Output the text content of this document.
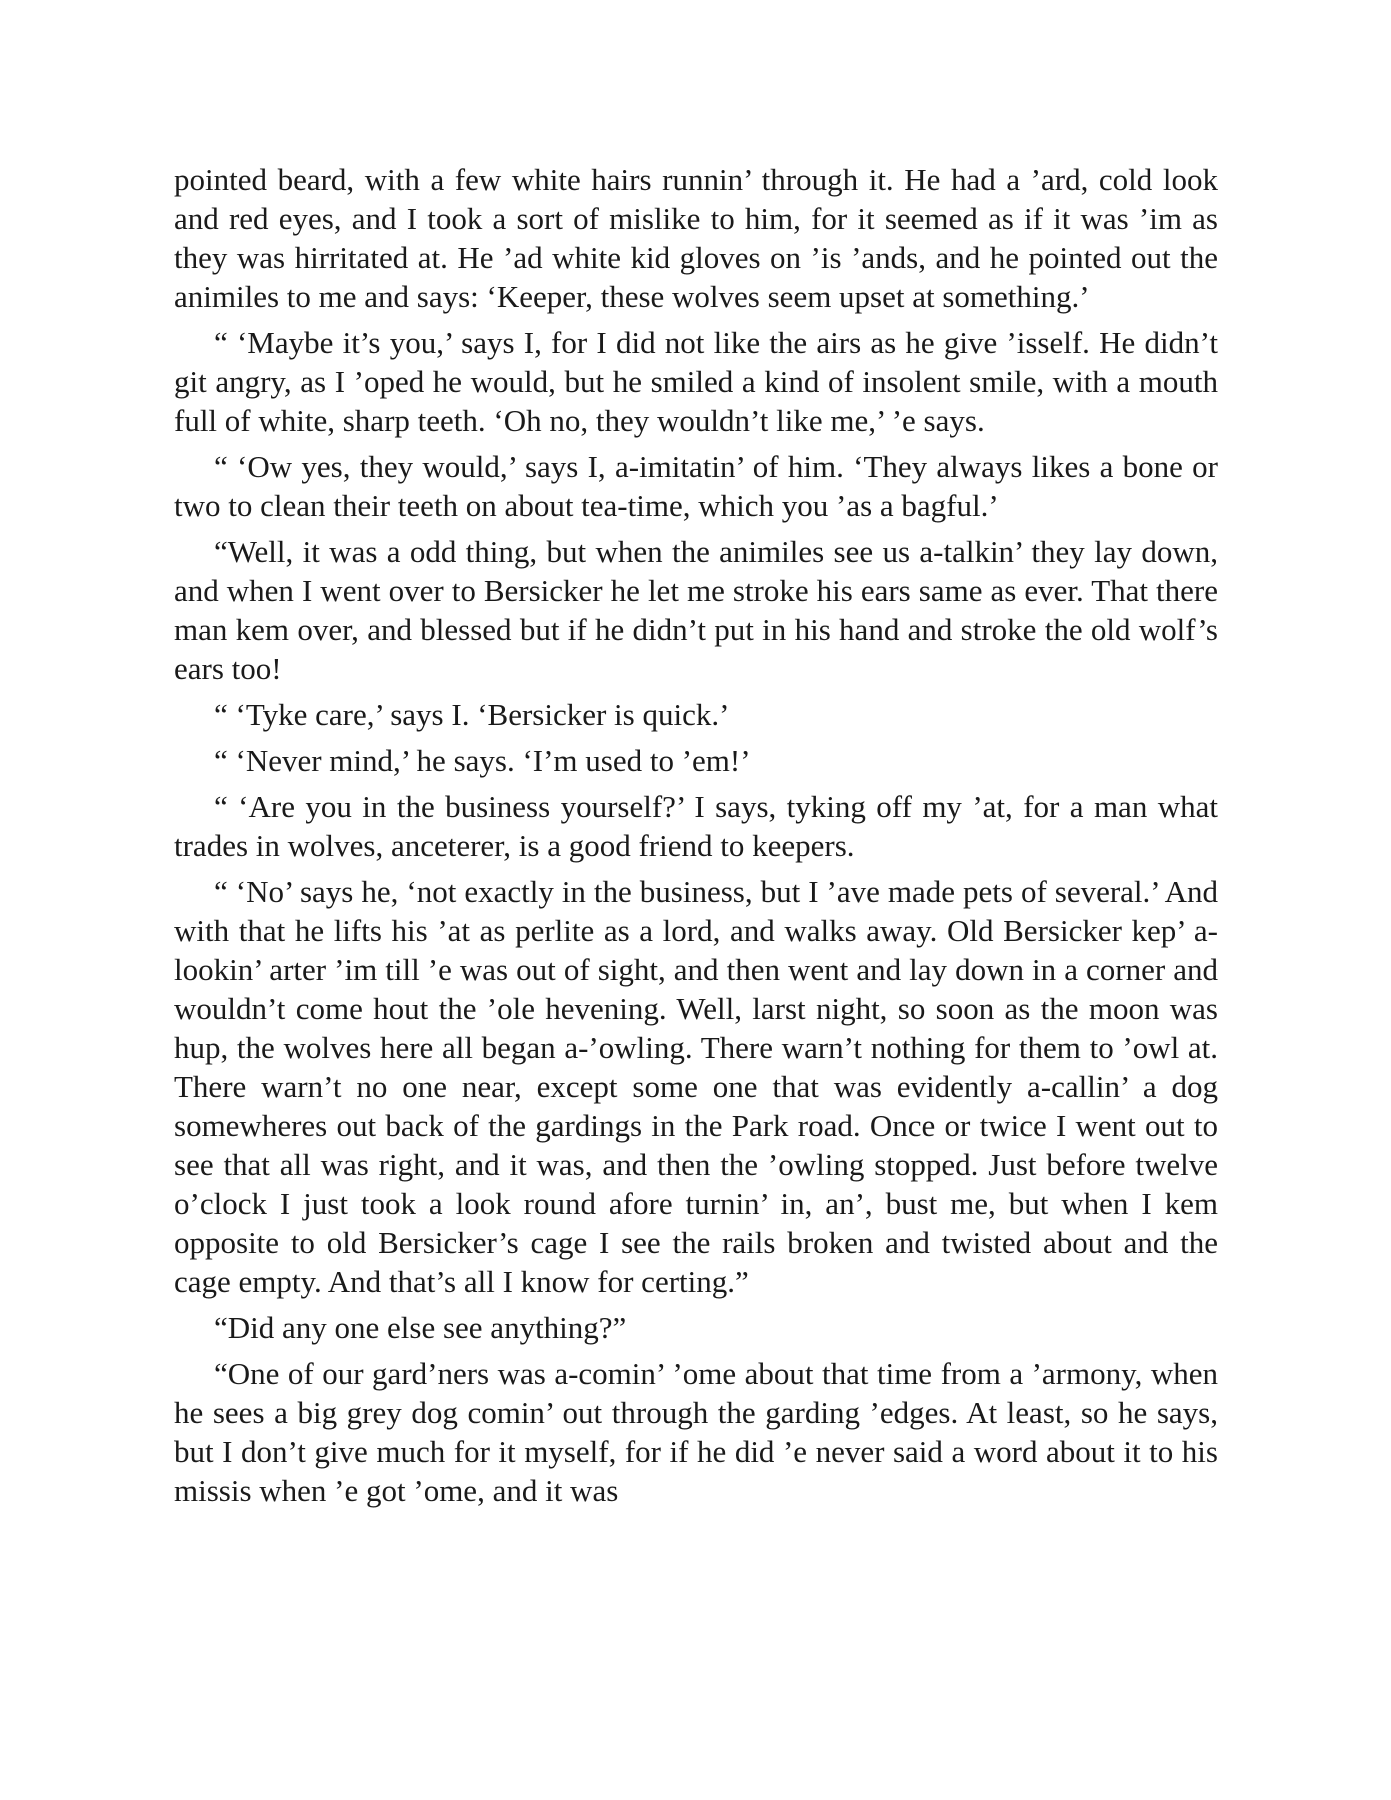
pointed beard, with a few white hairs runnin’ through it. He had a ’ard, cold look and red eyes, and I took a sort of mislike to him, for it seemed as if it was ’im as they was hirritated at. He ’ad white kid gloves on ’is ’ands, and he pointed out the animiles to me and says: ‘Keeper, these wolves seem upset at something.’

“ ‘Maybe it’s you,’ says I, for I did not like the airs as he give ’isself. He didn’t git angry, as I ’oped he would, but he smiled a kind of insolent smile, with a mouth full of white, sharp teeth. ‘Oh no, they wouldn’t like me,’ ’e says.

“ ‘Ow yes, they would,’ says I, a-imitatin’ of him. ‘They always likes a bone or two to clean their teeth on about tea-time, which you ’as a bagful.’

“Well, it was a odd thing, but when the animiles see us a-talkin’ they lay down, and when I went over to Bersicker he let me stroke his ears same as ever. That there man kem over, and blessed but if he didn’t put in his hand and stroke the old wolf’s ears too!

“ ‘Tyke care,’ says I. ‘Bersicker is quick.’

“ ‘Never mind,’ he says. ‘I’m used to ’em!’

“ ‘Are you in the business yourself?’ I says, tyking off my ’at, for a man what trades in wolves, anceterer, is a good friend to keepers.

“ ‘No’ says he, ‘not exactly in the business, but I ’ave made pets of several.’ And with that he lifts his ’at as perlite as a lord, and walks away. Old Bersicker kep’ a-lookin’ arter ’im till ’e was out of sight, and then went and lay down in a corner and wouldn’t come hout the ’ole hevening. Well, larst night, so soon as the moon was hup, the wolves here all began a-’owling. There warn’t nothing for them to ’owl at. There warn’t no one near, except some one that was evidently a-callin’ a dog somewheres out back of the gardings in the Park road. Once or twice I went out to see that all was right, and it was, and then the ’owling stopped. Just before twelve o’clock I just took a look round afore turnin’ in, an’, bust me, but when I kem opposite to old Bersicker’s cage I see the rails broken and twisted about and the cage empty. And that’s all I know for certing.”

“Did any one else see anything?”

“One of our gard’ners was a-comin’ ’ome about that time from a ’armony, when he sees a big grey dog comin’ out through the garding ’edges. At least, so he says, but I don’t give much for it myself, for if he did ’e never said a word about it to his missis when ’e got ’ome, and it was
